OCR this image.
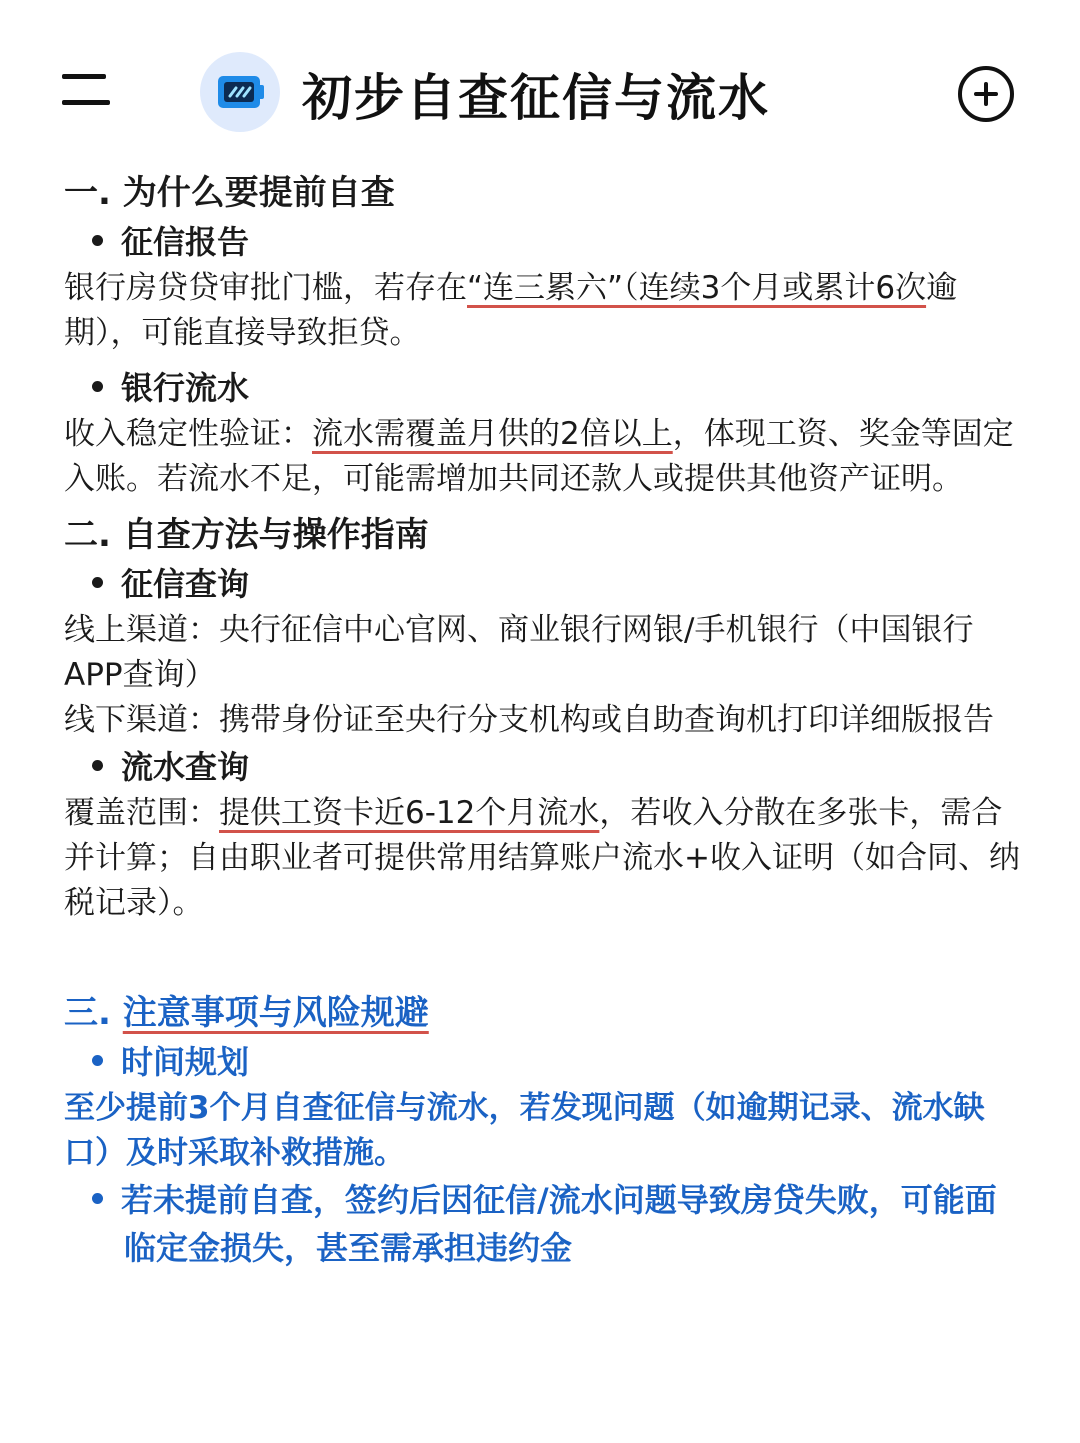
初步自查征信与流水

一. 为什么要提前自查

征信报告

银行房贷贷审批门槛，若存在“连三累六”（连续3个月或累计6次逾期），可能直接导致拒贷。

银行流水

收入稳定性验证：流水需覆盖月供的2倍以上，体现工资、奖金等固定入账。若流水不足，可能需增加共同还款人或提供其他资产证明。

二. 自查方法与操作指南

征信查询

线上渠道：央行征信中心官网、商业银行网银/手机银行（中国银行APP查询）

线下渠道：携带身份证至央行分支机构或自助查询机打印详细版报告

流水查询

覆盖范围：提供工资卡近6-12个月流水，若收入分散在多张卡，需合并计算；自由职业者可提供常用结算账户流水+收入证明（如合同、纳税记录）。

三. 注意事项与风险规避

时间规划

至少提前3个月自查征信与流水，若发现问题（如逾期记录、流水缺口）及时采取补救措施。

若未提前自查，签约后因征信/流水问题导致房贷失败，可能面临定金损失，甚至需承担违约金
